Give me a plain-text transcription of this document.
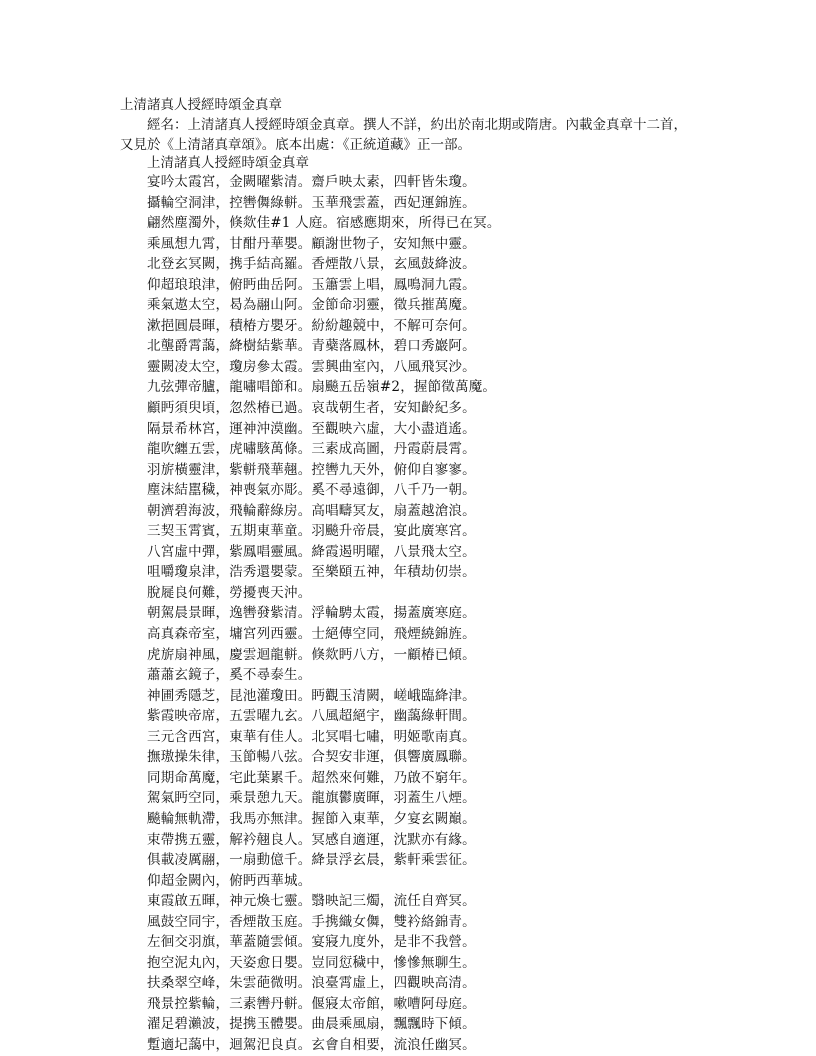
上清諸真人授經時頌金真章
經名：上清諸真人授經時頌金真章。撰人不詳，約出於南北期或隋唐。內載金真章十二首，
又見於《上清諸真章頌》。底本出處：《正統道藏》正一部。
上清諸真人授經時頌金真章
宴吟太霞宮，金闕曜紫清。齋戶映太素，四軒皆朱瓊。
攝輪空洞津，控轡儛綠軿。玉華飛雲蓋，西妃運錦旌。
翩然塵濁外，倏欻佳#1 人庭。宿感應期來，所得已在冥。
乘風想九霄，甘酣丹華嬰。顧謝世物子，安知無中靈。
北登玄冥闕，携手結高羅。香煙散八景，玄風鼓絳波。
仰超琅琅津，俯眄曲岳阿。玉簫雲上唱，鳳鳴洞九霞。
乘氣遨太空，曷為翮山阿。金節命羽靈，徵兵摧萬魔。
漱挹圓晨暉，積椿方嬰牙。紛紛趣競中，不解可奈何。
北壟爵霄藹，絳樹結紫華。青蘗落鳳林，碧口秀巖阿。
靈闕凌太空，瓊房參太霞。雲興曲室內，八風飛冥沙。
九弦彈帝臚，龍嘯唱節和。扇飈五岳嶺#2，握節徵萬魔。
顧眄須臾頃，忽然椿已過。哀哉朝生者，安知齡紀多。
隔景希林宮，運神沖漠幽。至觀映六虛，大小盡逍遙。
龍吹纏五雲，虎嘯駭萬條。三素成高圖，丹霞蔚晨霄。
羽旂橫靈津，紫軿飛華翹。控轡九天外，俯仰自寥寥。
塵沫結嚚穢，神喪氣亦彫。奚不尋遠御，八千乃一朝。
朝濟碧海波，飛輪辭綠房。高唱疇冥友，扇蓋越滄浪。
三契玉霄賓，五期東華童。羽飈升帝晨，宴此廣寒宮。
八宮虛中彈，紫鳳唱靈風。絳霞遏明曜，八景飛太空。
咀嚼瓊泉津，浩秀還嬰蒙。至樂頤五神，年積劫仞崇。
脫屣良何難，勞擾喪天沖。
朝駕晨景暉，逸轡發紫清。浮輪騁太霞，揚蓋廣寒庭。
高真森帝室，墉宮列西靈。士絕傳空同，飛煙繞錦旌。
虎旂扇神風，慶雲迴龍軿。倏欻眄八方，一顧椿已傾。
蕭蕭玄鏡子，奚不尋泰生。
神圃秀隱芝，昆池灌瓊田。眄觀玉清闕，嵯峨臨絳津。
紫霞映帝席，五雲曜九玄。八風超絕宇，幽藹綠軒間。
三元含西宮，東華有佳人。北冥唱七嘯，明姬歌南真。
撫璈操朱律，玉節暢八弦。合契安非運，俱響廣鳳聯。
同期命萬魔，宅此葉累千。超然來何難，乃啟不窮年。
駕氣眄空同，乘景憩九天。龍旗鬱廣暉，羽蓋生八煙。
飈輪無軌滯，我馬亦無津。握節入東華，夕宴玄闕巔。
束帶携五靈，解衿翹良人。冥感自適運，沈默亦有緣。
俱載凌厲翮，一扇動億千。絳景浮玄晨，紫軒乘雲征。
仰超金闕內，俯眄西華城。
東霞啟五暉，神元煥七靈。翳映記三燭，流任自齊冥。
風鼓空同宇，香煙散玉庭。手携織女儛，雙衿絡錦青。
左徊交羽旗，華蓋隨雲傾。宴寢九度外，是非不我營。
抱空泥丸內，天姿愈日嬰。豈同愆穢中，慘慘無聊生。
扶桑翠空峰，朱雲葩微明。浪臺霄虛上，四觀映高清。
飛景控紫輪，三素轡丹軿。偃寢太帝館，嗽嘈阿母庭。
濯足碧瀨波，提携玉體嬰。曲晨乘風扇，飄飄時下傾。
蹔適圮藹中，迴駕汜良貞。玄會自相要，流浪任幽冥。
